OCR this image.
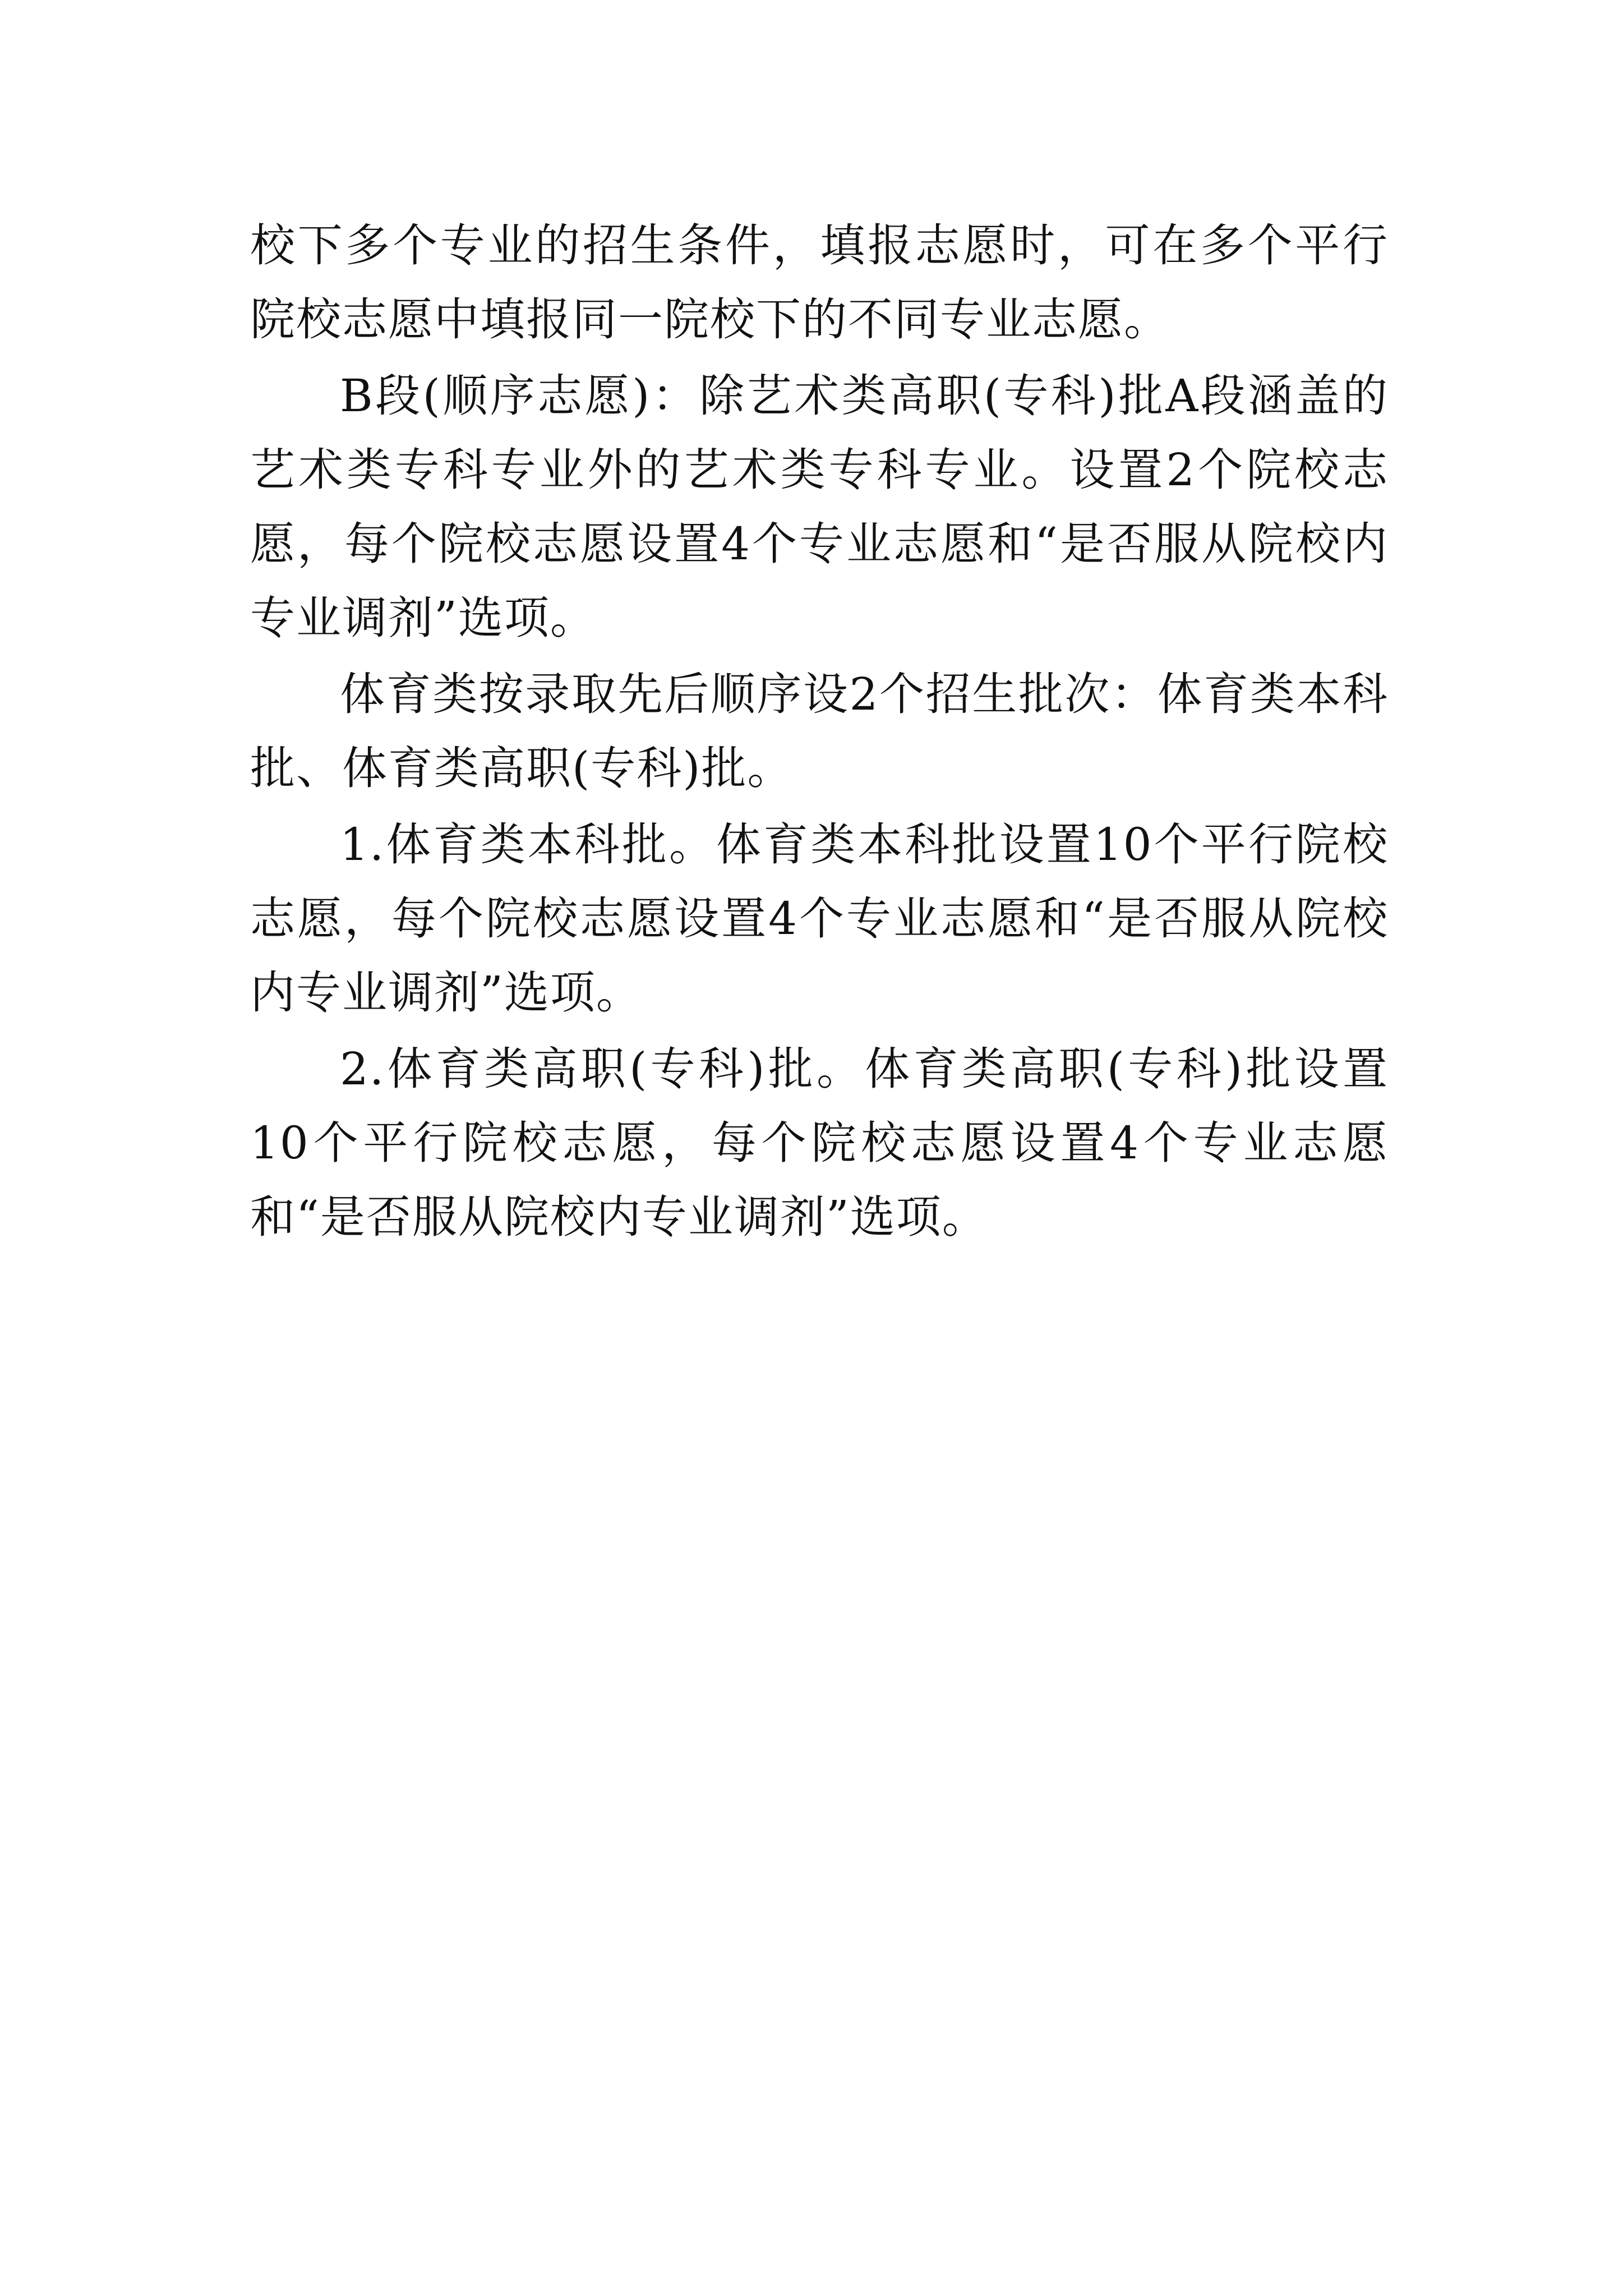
校下多个专业的招生条件，填报志愿时，可在多个平行院校志愿中填报同一院校下的不同专业志愿。

B段(顺序志愿)：除艺术类高职(专科)批A段涵盖的艺术类专科专业外的艺术类专科专业。设置2个院校志愿，每个院校志愿设置4个专业志愿和“是否服从院校内专业调剂”选项。

体育类按录取先后顺序设2个招生批次：体育类本科批、体育类高职(专科)批。

1.体育类本科批。体育类本科批设置10个平行院校志愿，每个院校志愿设置4个专业志愿和“是否服从院校内专业调剂”选项。

2.体育类高职(专科)批。体育类高职(专科)批设置10个平行院校志愿，每个院校志愿设置4个专业志愿和“是否服从院校内专业调剂”选项。
